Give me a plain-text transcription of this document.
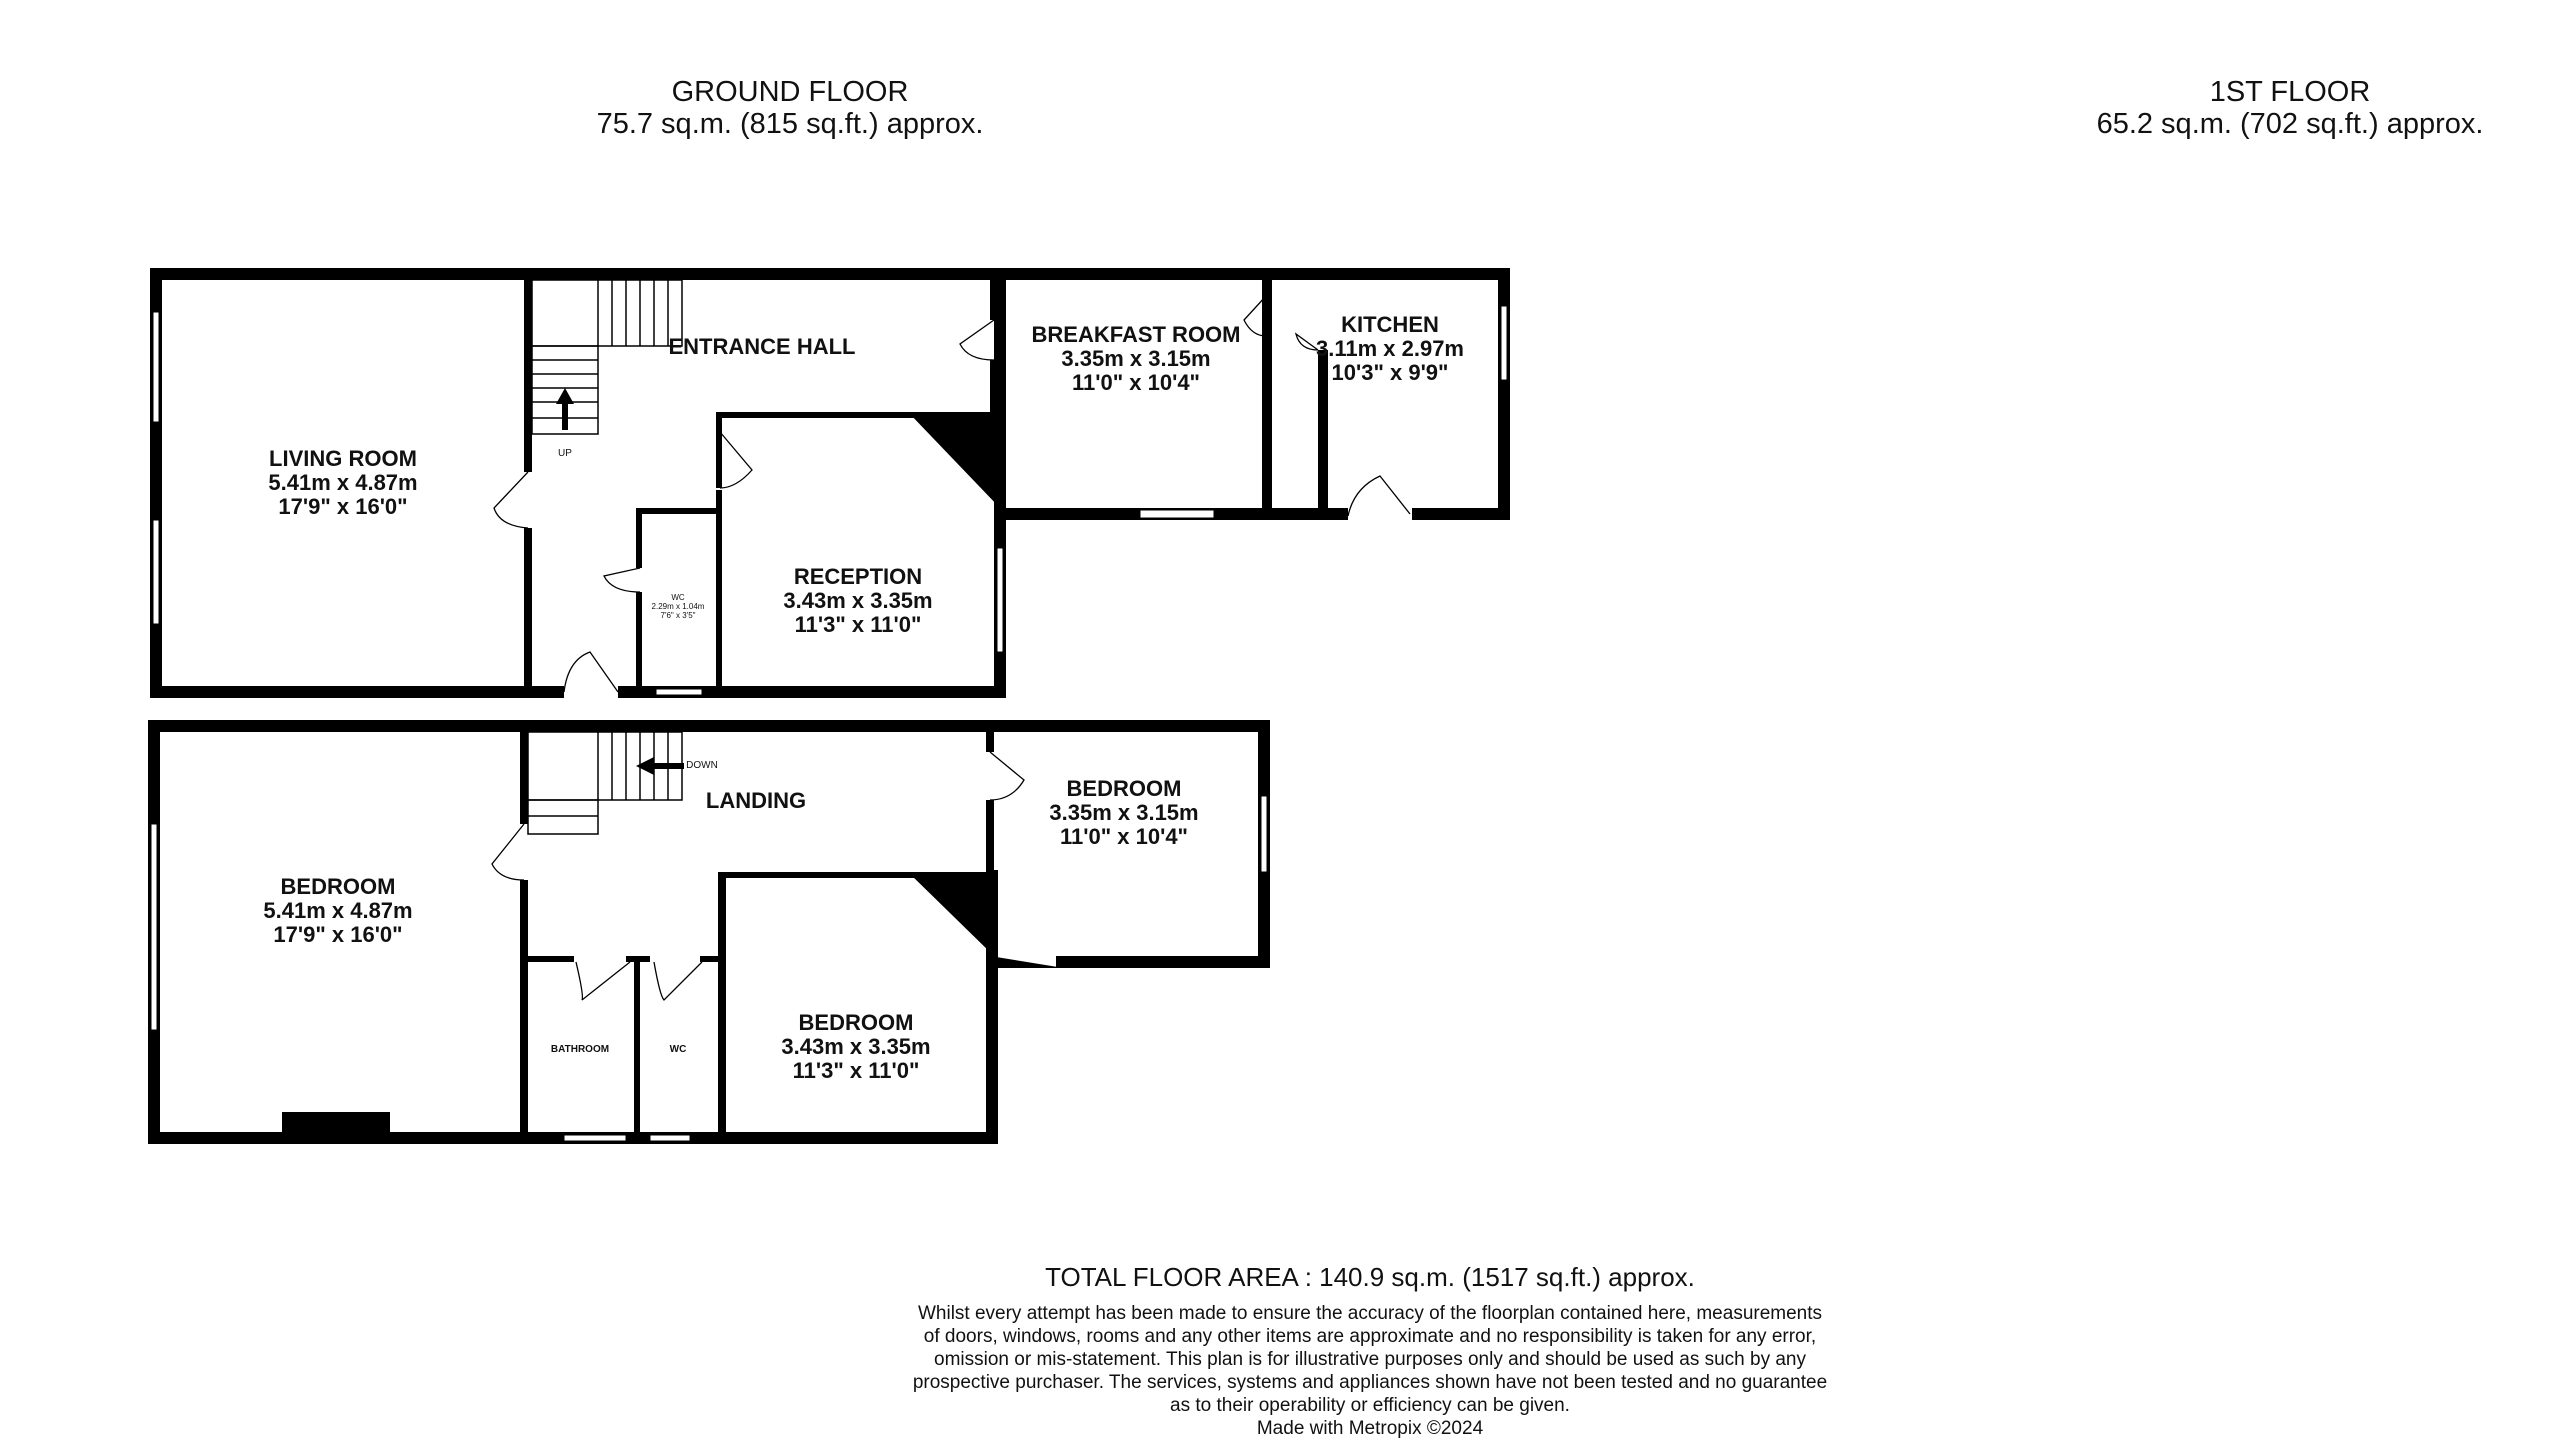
GROUND FLOOR
75.7 sq.m. (815 sq.ft.) approx.
1ST FLOOR
65.2 sq.m. (702 sq.ft.) approx.
LIVING ROOM
5.41m x 4.87m
17'9" x 16'0"
ENTRANCE HALL	BREAKFAST ROOM
3.35m x 3.15m
11'0" x 10'4"
KITCHEN
3.11m x 2.97m
10'3" x 9'9"
RECEPTION
3.43m x 3.35m
11'3" x 11'0"
WC
2.29m x 1.04m
7'6" x 3'5"
UP
BEDROOM
5.41m x 4.87m
17'9" x 16'0"
LANDING	BEDROOM
3.35m x 3.15m
11'0" x 10'4"
BEDROOM
3.43m x 3.35m
11'3" x 11'0"
BATHROOM	WC
DOWN
TOTAL FLOOR AREA : 140.9 sq.m. (1517 sq.ft.) approx.
Whilst every attempt has been made to ensure the accuracy of the floorplan contained here, measurements
of doors, windows, rooms and any other items are approximate and no responsibility is taken for any error,
omission or mis-statement. This plan is for illustrative purposes only and should be used as such by any
prospective purchaser. The services, systems and appliances shown have not been tested and no guarantee
as to their operability or efficiency can be given.
Made with Metropix ©2024
